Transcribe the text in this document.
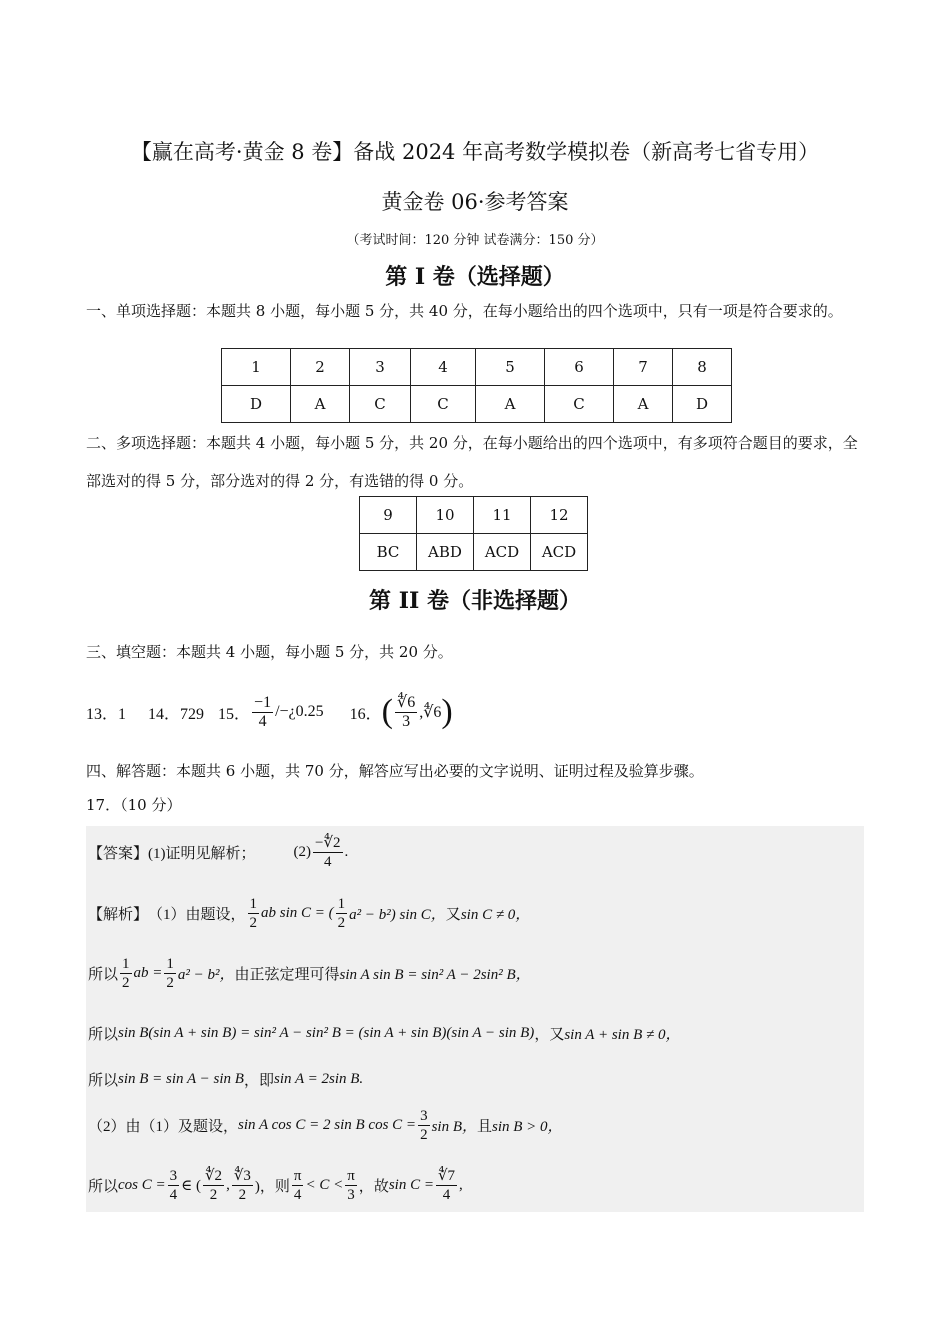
【赢在高考·黄金 8 卷】备战 2024 年高考数学模拟卷（新高考七省专用）
黄金卷 06·参考答案
（考试时间：120 分钟 试卷满分：150 分）
第 I 卷（选择题）
一、单项选择题：本题共 8 小题，每小题 5 分，共 40 分，在每小题给出的四个选项中，只有一项是符合要求的。
1	2	3	4	5	6	7	8
D	A	C	C	A	C	A	D
二、多项选择题：本题共 4 小题，每小题 5 分，共 20 分，在每小题给出的四个选项中，有多项符合题目的要求，全部选对的得 5 分，部分选对的得 2 分，有选错的得 0 分。
9	10	11	12
BC	ABD	ACD	ACD
第 II 卷（非选择题）
三、填空题：本题共 4 小题，每小题 5 分，共 20 分。
13．1 14．729 15． $\frac{-1}{4}$ /−¿0.25 16． ( $\frac{∜6}{3}$ ,∜6 )
四、解答题：本题共 6 小题，共 70 分，解答应写出必要的文字说明、证明过程及验算步骤。
17．（10 分）
【答案】 (1)证明见解析；	$(2) \frac{-∜2}{4}$ .
【解析】 （1）由题设， $\frac{1}{2}$ ab sin C = ( $\frac{1}{2} a^2 - b^2$) sin C， 又 sin C ≠ 0，
所以 $\frac{1}{2}$ ab = $\frac{1}{2} a^2 - b^2$， 由正弦定理可得 sin A sin B = sin² A − 2sin² B，
所以 sin B(sin A + sin B) = sin² A − sin² B = (sin A + sin B)(sin A − sin B) ，又 sin A + sin B ≠ 0，
所以 sin B = sin A − sin B ，即 sin A = 2sin B.
（2）由（1）及题设， sin A cos C = 2 sin B $\cos C = \frac{3}{2}$ sin B， 且 sin B > 0，
所以 $\cos C = \frac{3}{4}$ ∈ ( $\frac{∜2}{2}$ , $\frac{∜3}{2}$ )， 则 $\frac{\pi}{4} < C < \frac{\pi}{3}$ ， 故 $\sin C = \frac{∜7}{4}$ ,
